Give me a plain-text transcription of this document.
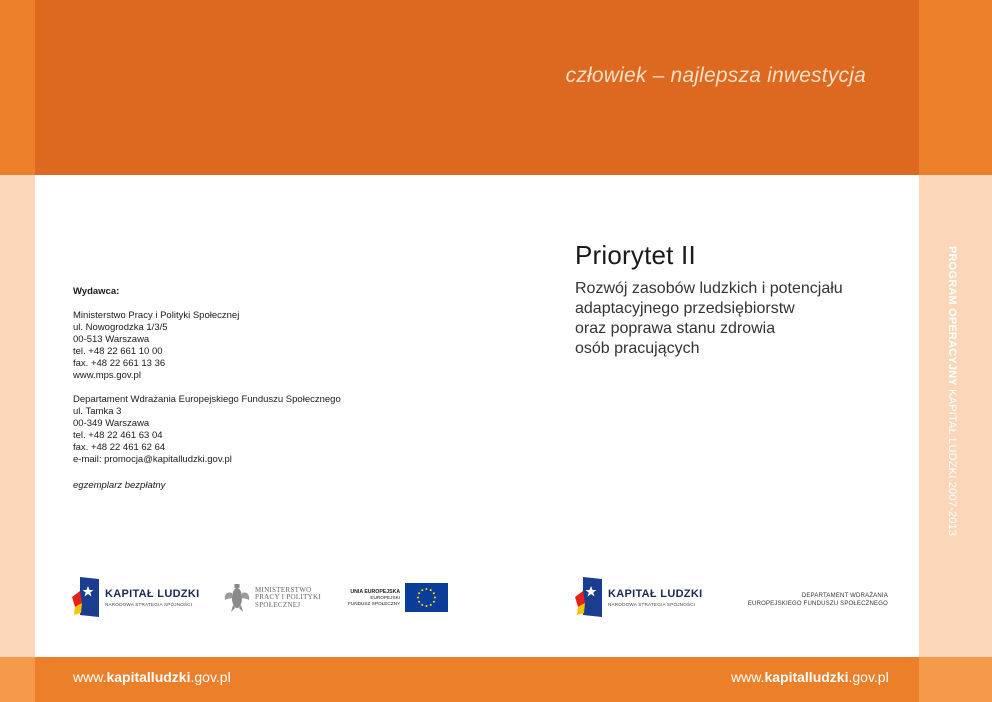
człowiek – najlepsza inwestycja
PROGRAM OPERACYJNY KAPITAŁ LUDZKI 2007-2013
Wydawca:
Ministerstwo Pracy i Polityki Społecznej
ul. Nowogrodzka 1/3/5
00-513 Warszawa
tel. +48 22 661 10 00
fax. +48 22 661 13 36
www.mps.gov.pl
Departament Wdrażania Europejskiego Funduszu Społecznego
ul. Tamka 3
00-349 Warszawa
tel. +48 22 461 63 04
fax. +48 22 461 62 64
e-mail: promocja@kapitalludzki.gov.pl
egzemplarz bezpłatny
Priorytet II
Rozwój zasobów ludzkich i potencjału
adaptacyjnego przedsiębiorstw
oraz poprawa stanu zdrowia
osób pracujących
KAPITAŁ LUDZKI
NARODOWA STRATEGIA SPÓJNOŚCI
MINISTERSTWO
PRACY I POLITYKI
SPOŁECZNEJ
UNIA EUROPEJSKA
EUROPEJSKI
FUNDUSZ SPOŁECZNY
KAPITAŁ LUDZKI
NARODOWA STRATEGIA SPÓJNOŚCI
DEPARTAMENT WDRAŻANIA
EUROPEJSKIEGO FUNDUSZU SPOŁECZNEGO
www.kapitalludzki.gov.pl	www.kapitalludzki.gov.pl
